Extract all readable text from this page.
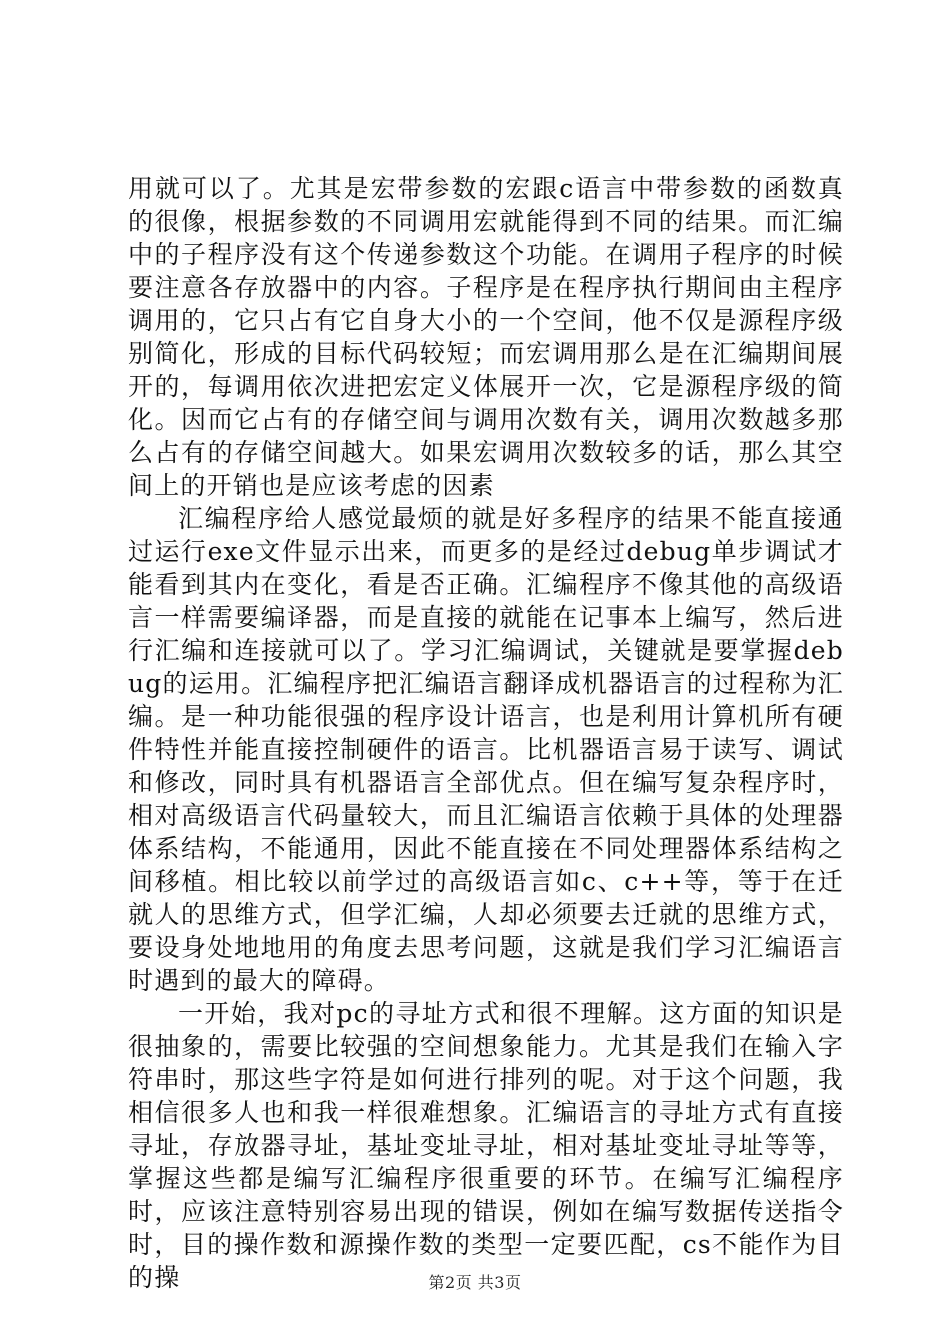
用就可以了。尤其是宏带参数的宏跟c语言中带参数的函数真的很像，根据参数的不同调用宏就能得到不同的结果。而汇编中的子程序没有这个传递参数这个功能。在调用子程序的时候要注意各存放器中的内容。子程序是在程序执行期间由主程序调用的，它只占有它自身大小的一个空间，他不仅是源程序级别简化，形成的目标代码较短；而宏调用那么是在汇编期间展开的，每调用依次进把宏定义体展开一次，它是源程序级的简化。因而它占有的存储空间与调用次数有关，调用次数越多那么占有的存储空间越大。如果宏调用次数较多的话，那么其空间上的开销也是应该考虑的因素

汇编程序给人感觉最烦的就是好多程序的结果不能直接通过运行exe文件显示出来，而更多的是经过debug单步调试才能看到其内在变化，看是否正确。汇编程序不像其他的高级语言一样需要编译器，而是直接的就能在记事本上编写，然后进行汇编和连接就可以了。学习汇编调试，关键就是要掌握debug的运用。汇编程序把汇编语言翻译成机器语言的过程称为汇编。是一种功能很强的程序设计语言，也是利用计算机所有硬件特性并能直接控制硬件的语言。比机器语言易于读写、调试和修改，同时具有机器语言全部优点。但在编写复杂程序时，相对高级语言代码量较大，而且汇编语言依赖于具体的处理器体系结构，不能通用，因此不能直接在不同处理器体系结构之间移植。相比较以前学过的高级语言如c、c++等，等于在迁就人的思维方式，但学汇编，人却必须要去迁就的思维方式，要设身处地地用的角度去思考问题，这就是我们学习汇编语言时遇到的最大的障碍。

一开始，我对pc的寻址方式和很不理解。这方面的知识是很抽象的，需要比较强的空间想象能力。尤其是我们在输入字符串时，那这些字符是如何进行排列的呢。对于这个问题，我相信很多人也和我一样很难想象。汇编语言的寻址方式有直接寻址，存放器寻址，基址变址寻址，相对基址变址寻址等等，掌握这些都是编写汇编程序很重要的环节。在编写汇编程序时，应该注意特别容易出现的错误，例如在编写数据传送指令时，目的操作数和源操作数的类型一定要匹配，cs不能作为目的操	第2页 共3页
